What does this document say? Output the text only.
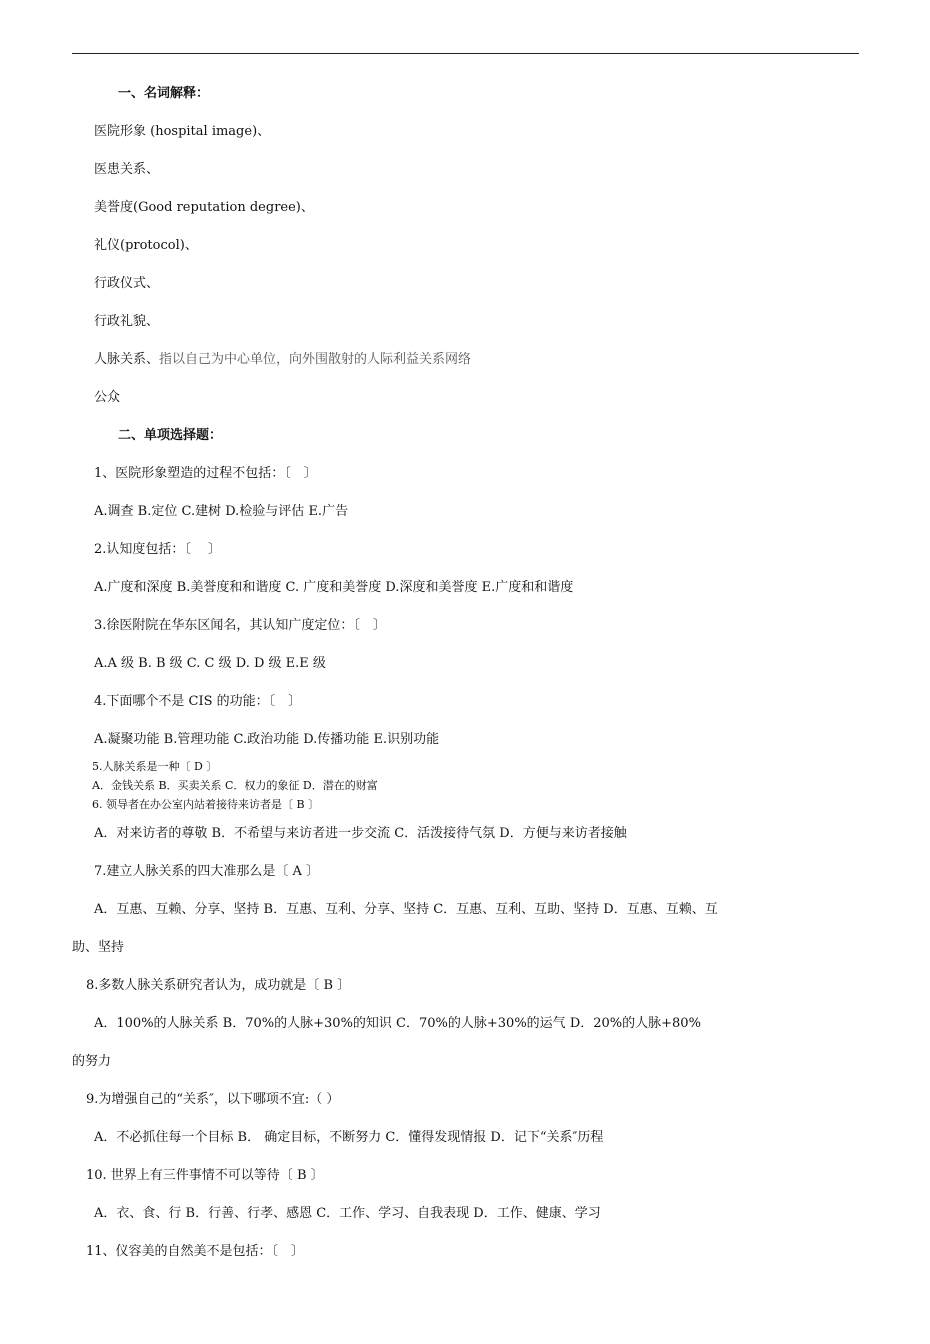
一、名词解释：
医院形象 (hospital image)、
医患关系、
美誉度(Good reputation degree)、
礼仪(protocol)、
行政仪式、
行政礼貌、
人脉关系、指以自己为中心单位，向外围散射的人际利益关系网络
公众
二、单项选择题：
1、医院形象塑造的过程不包括：〔　〕
A.调查 B.定位 C.建树 D.检验与评估 E.广告
2.认知度包括：〔　 〕
A.广度和深度 B.美誉度和和谐度 C. 广度和美誉度 D.深度和美誉度 E.广度和和谐度
3.徐医附院在华东区闻名，其认知广度定位：〔　〕
A.A 级 B. B 级 C. C 级 D. D 级 E.E 级
4.下面哪个不是 CIS 的功能：〔　〕
A.凝聚功能 B.管理功能 C.政治功能 D.传播功能 E.识别功能
5.人脉关系是一种〔 D 〕
A．金钱关系 B．买卖关系 C．权力的象征 D．潜在的财富
6. 领导者在办公室内站着接待来访者是〔 B 〕
A．对来访者的尊敬 B．不希望与来访者进一步交流 C．活泼接待气氛 D．方便与来访者接触
7.建立人脉关系的四大准那么是〔 A 〕
A．互惠、互赖、分享、坚持 B．互惠、互利、分享、坚持 C．互惠、互利、互助、坚持 D．互惠、互赖、互
助、坚持
8.多数人脉关系研究者认为，成功就是〔 B 〕
A．100%的人脉关系 B．70%的人脉+30%的知识 C．70%的人脉+30%的运气 D．20%的人脉+80%
的努力
9.为增强自己的“关系″，以下哪项不宜:（ ）
A．不必抓住每一个目标 B． 确定目标，不断努力 C．懂得发现情报 D．记下“关系″历程
10. 世界上有三件事情不可以等待〔 B 〕
A．衣、食、行 B．行善、行孝、感恩 C．工作、学习、自我表现 D．工作、健康、学习
11、仪容美的自然美不是包括：〔　〕
